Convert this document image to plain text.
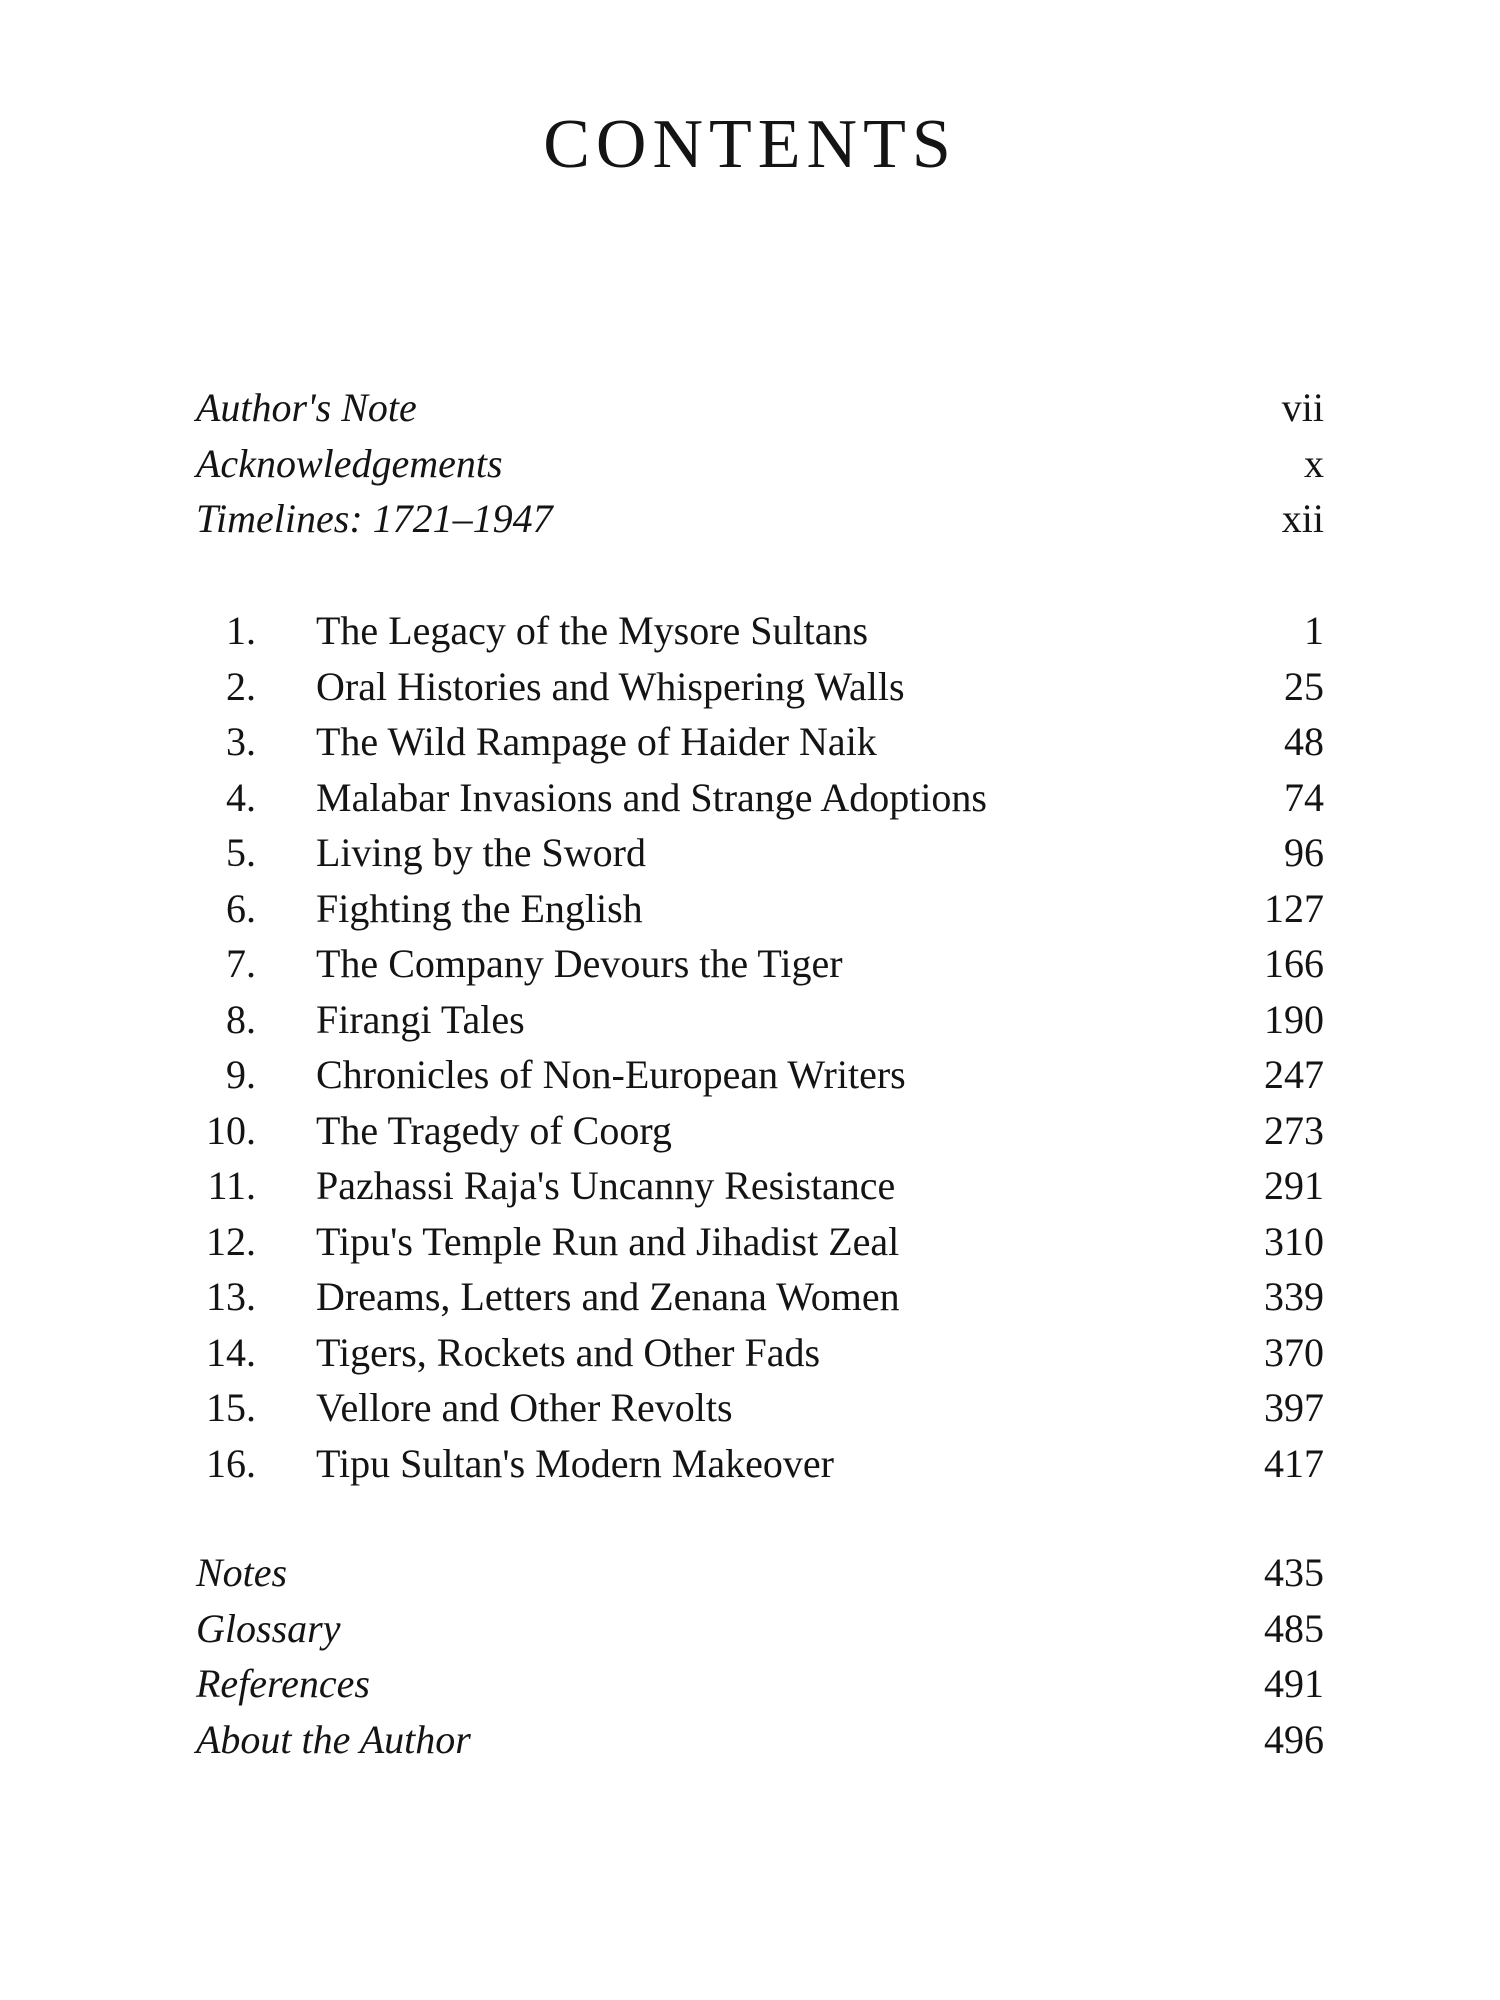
CONTENTS
Author's Note	vii
Acknowledgements	x
Timelines: 1721–1947	xii
1. The Legacy of the Mysore Sultans	1
2. Oral Histories and Whispering Walls	25
3. The Wild Rampage of Haider Naik	48
4. Malabar Invasions and Strange Adoptions	74
5. Living by the Sword	96
6. Fighting the English	127
7. The Company Devours the Tiger	166
8. Firangi Tales	190
9. Chronicles of Non-European Writers	247
10. The Tragedy of Coorg	273
11. Pazhassi Raja's Uncanny Resistance	291
12. Tipu's Temple Run and Jihadist Zeal	310
13. Dreams, Letters and Zenana Women	339
14. Tigers, Rockets and Other Fads	370
15. Vellore and Other Revolts	397
16. Tipu Sultan's Modern Makeover	417
Notes	435
Glossary	485
References	491
About the Author	496
